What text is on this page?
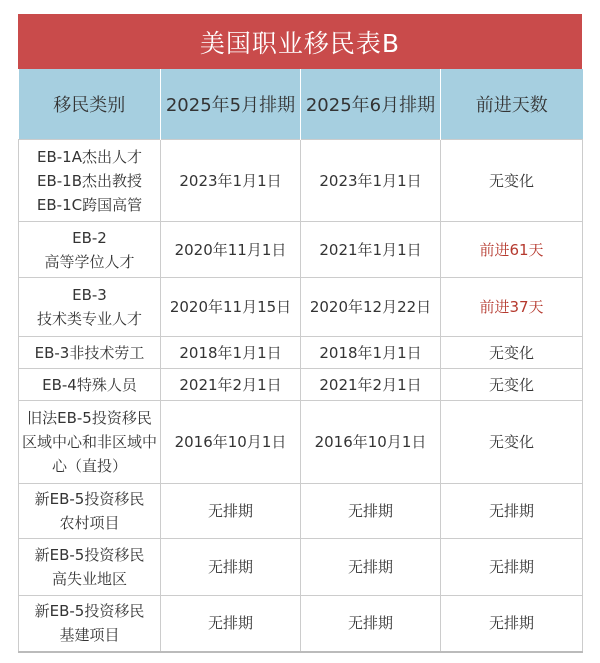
美国职业移民表B
移民类别	2025年5月排期	2025年6月排期	前进天数

EB-1A杰出人才
EB-1B杰出教授
EB-1C跨国高管	2023年1月1日	2023年1月1日	无变化

EB-2
高等学位人才	2020年11月1日	2021年1月1日	前进61天

EB-3
技术类专业人才	2020年11月15日	2020年12月22日	前进37天

EB-3非技术劳工	2018年1月1日	2018年1月1日	无变化

EB-4特殊人员	2021年2月1日	2021年2月1日	无变化

旧法EB-5投资移民
区域中心和非区域中
心（直投）	2016年10月1日	2016年10月1日	无变化

新EB-5投资移民
农村项目	无排期	无排期	无排期

新EB-5投资移民
高失业地区	无排期	无排期	无排期

新EB-5投资移民
基建项目	无排期	无排期	无排期
